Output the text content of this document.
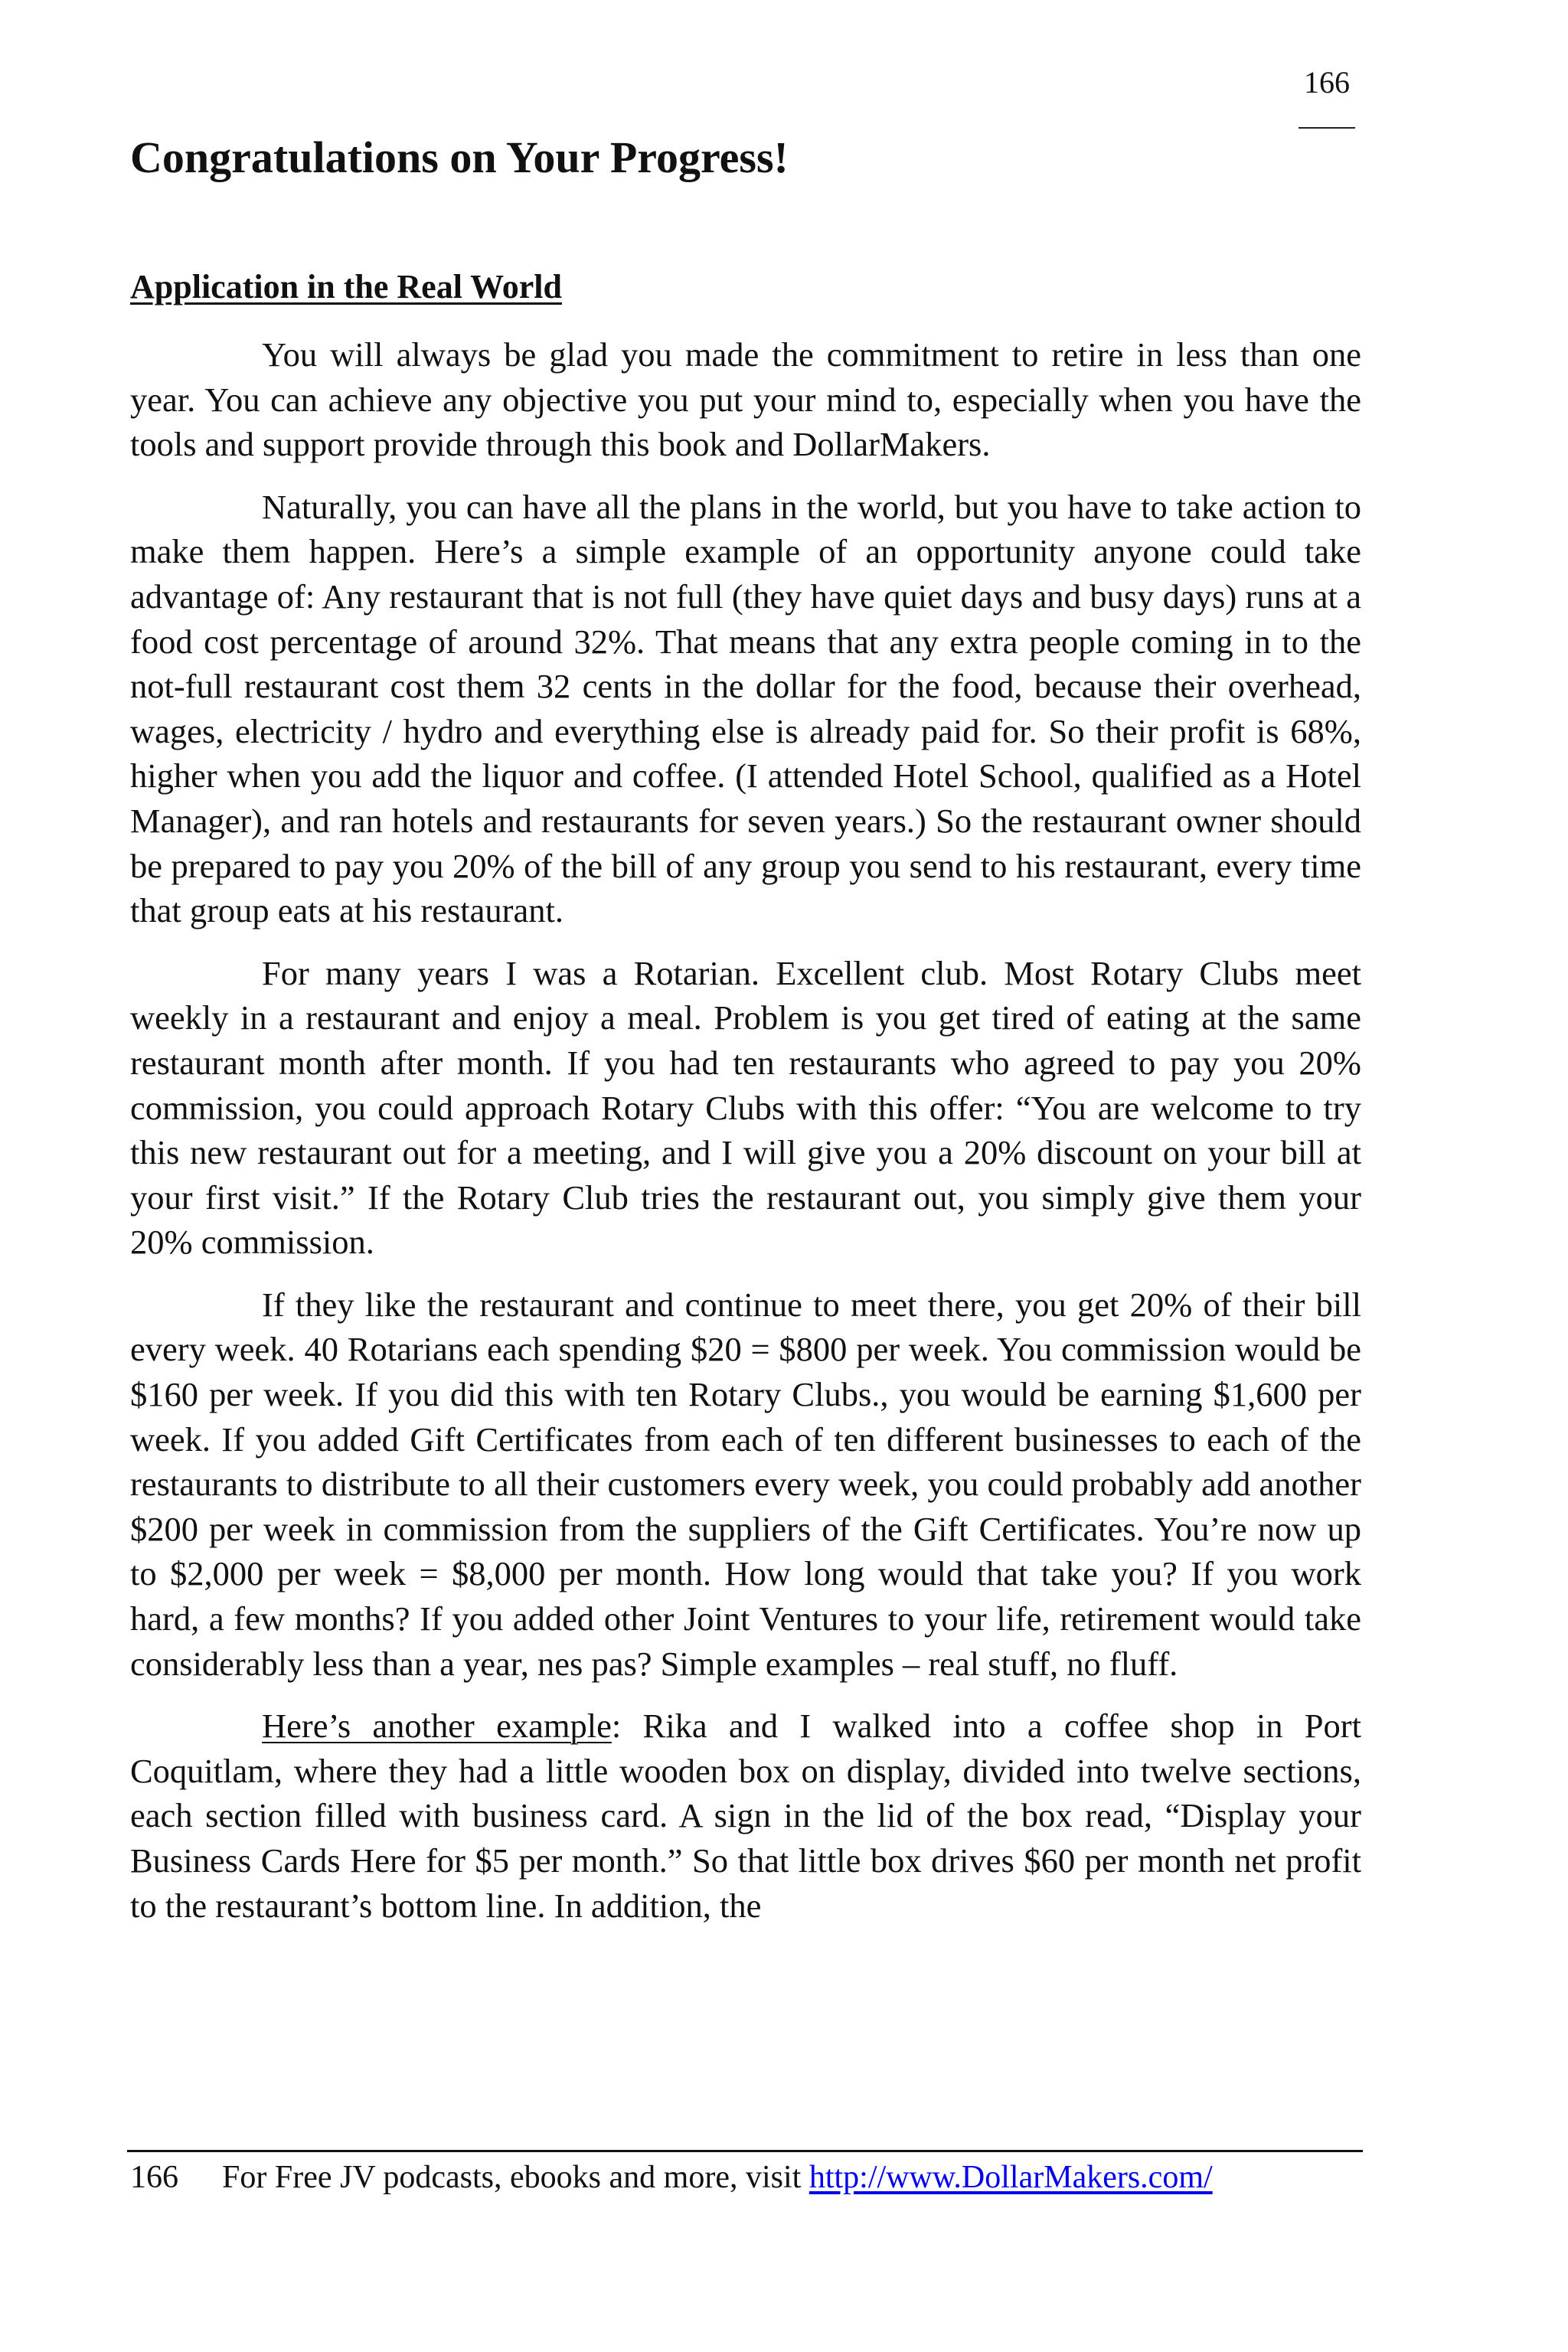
166
Congratulations on Your Progress!
Application in the Real World

You will always be glad you made the commitment to retire in less than one year. You can achieve any objective you put your mind to, especially when you have the tools and support provide through this book and DollarMakers.

Naturally, you can have all the plans in the world, but you have to take action to make them happen. Here’s a simple example of an opportunity anyone could take advantage of: Any restaurant that is not full (they have quiet days and busy days) runs at a food cost percentage of around 32%. That means that any extra people coming in to the not-full restaurant cost them 32 cents in the dollar for the food, because their overhead, wages, electricity / hydro and everything else is already paid for. So their profit is 68%, higher when you add the liquor and coffee. (I attended Hotel School, qualified as a Hotel Manager), and ran hotels and restaurants for seven years.) So the restaurant owner should be prepared to pay you 20% of the bill of any group you send to his restaurant, every time that group eats at his restaurant.

For many years I was a Rotarian. Excellent club. Most Rotary Clubs meet weekly in a restaurant and enjoy a meal. Problem is you get tired of eating at the same restaurant month after month. If you had ten restaurants who agreed to pay you 20% commission, you could approach Rotary Clubs with this offer: “You are welcome to try this new restaurant out for a meeting, and I will give you a 20% discount on your bill at your first visit.” If the Rotary Club tries the restaurant out, you simply give them your 20% commission.

If they like the restaurant and continue to meet there, you get 20% of their bill every week. 40 Rotarians each spending $20 = $800 per week. You commission would be $160 per week. If you did this with ten Rotary Clubs., you would be earning $1,600 per week. If you added Gift Certificates from each of ten different businesses to each of the restaurants to distribute to all their customers every week, you could probably add another $200 per week in commission from the suppliers of the Gift Certificates. You’re now up to $2,000 per week = $8,000 per month. How long would that take you? If you work hard, a few months? If you added other Joint Ventures to your life, retirement would take considerably less than a year, nes pas? Simple examples – real stuff, no fluff.

Here’s another example: Rika and I walked into a coffee shop in Port Coquitlam, where they had a little wooden box on display, divided into twelve sections, each section filled with business card. A sign in the lid of the box read, “Display your Business Cards Here for $5 per month.” So that little box drives $60 per month net profit to the restaurant’s bottom line. In addition, the

166 For Free JV podcasts, ebooks and more, visit http://www.DollarMakers.com/
